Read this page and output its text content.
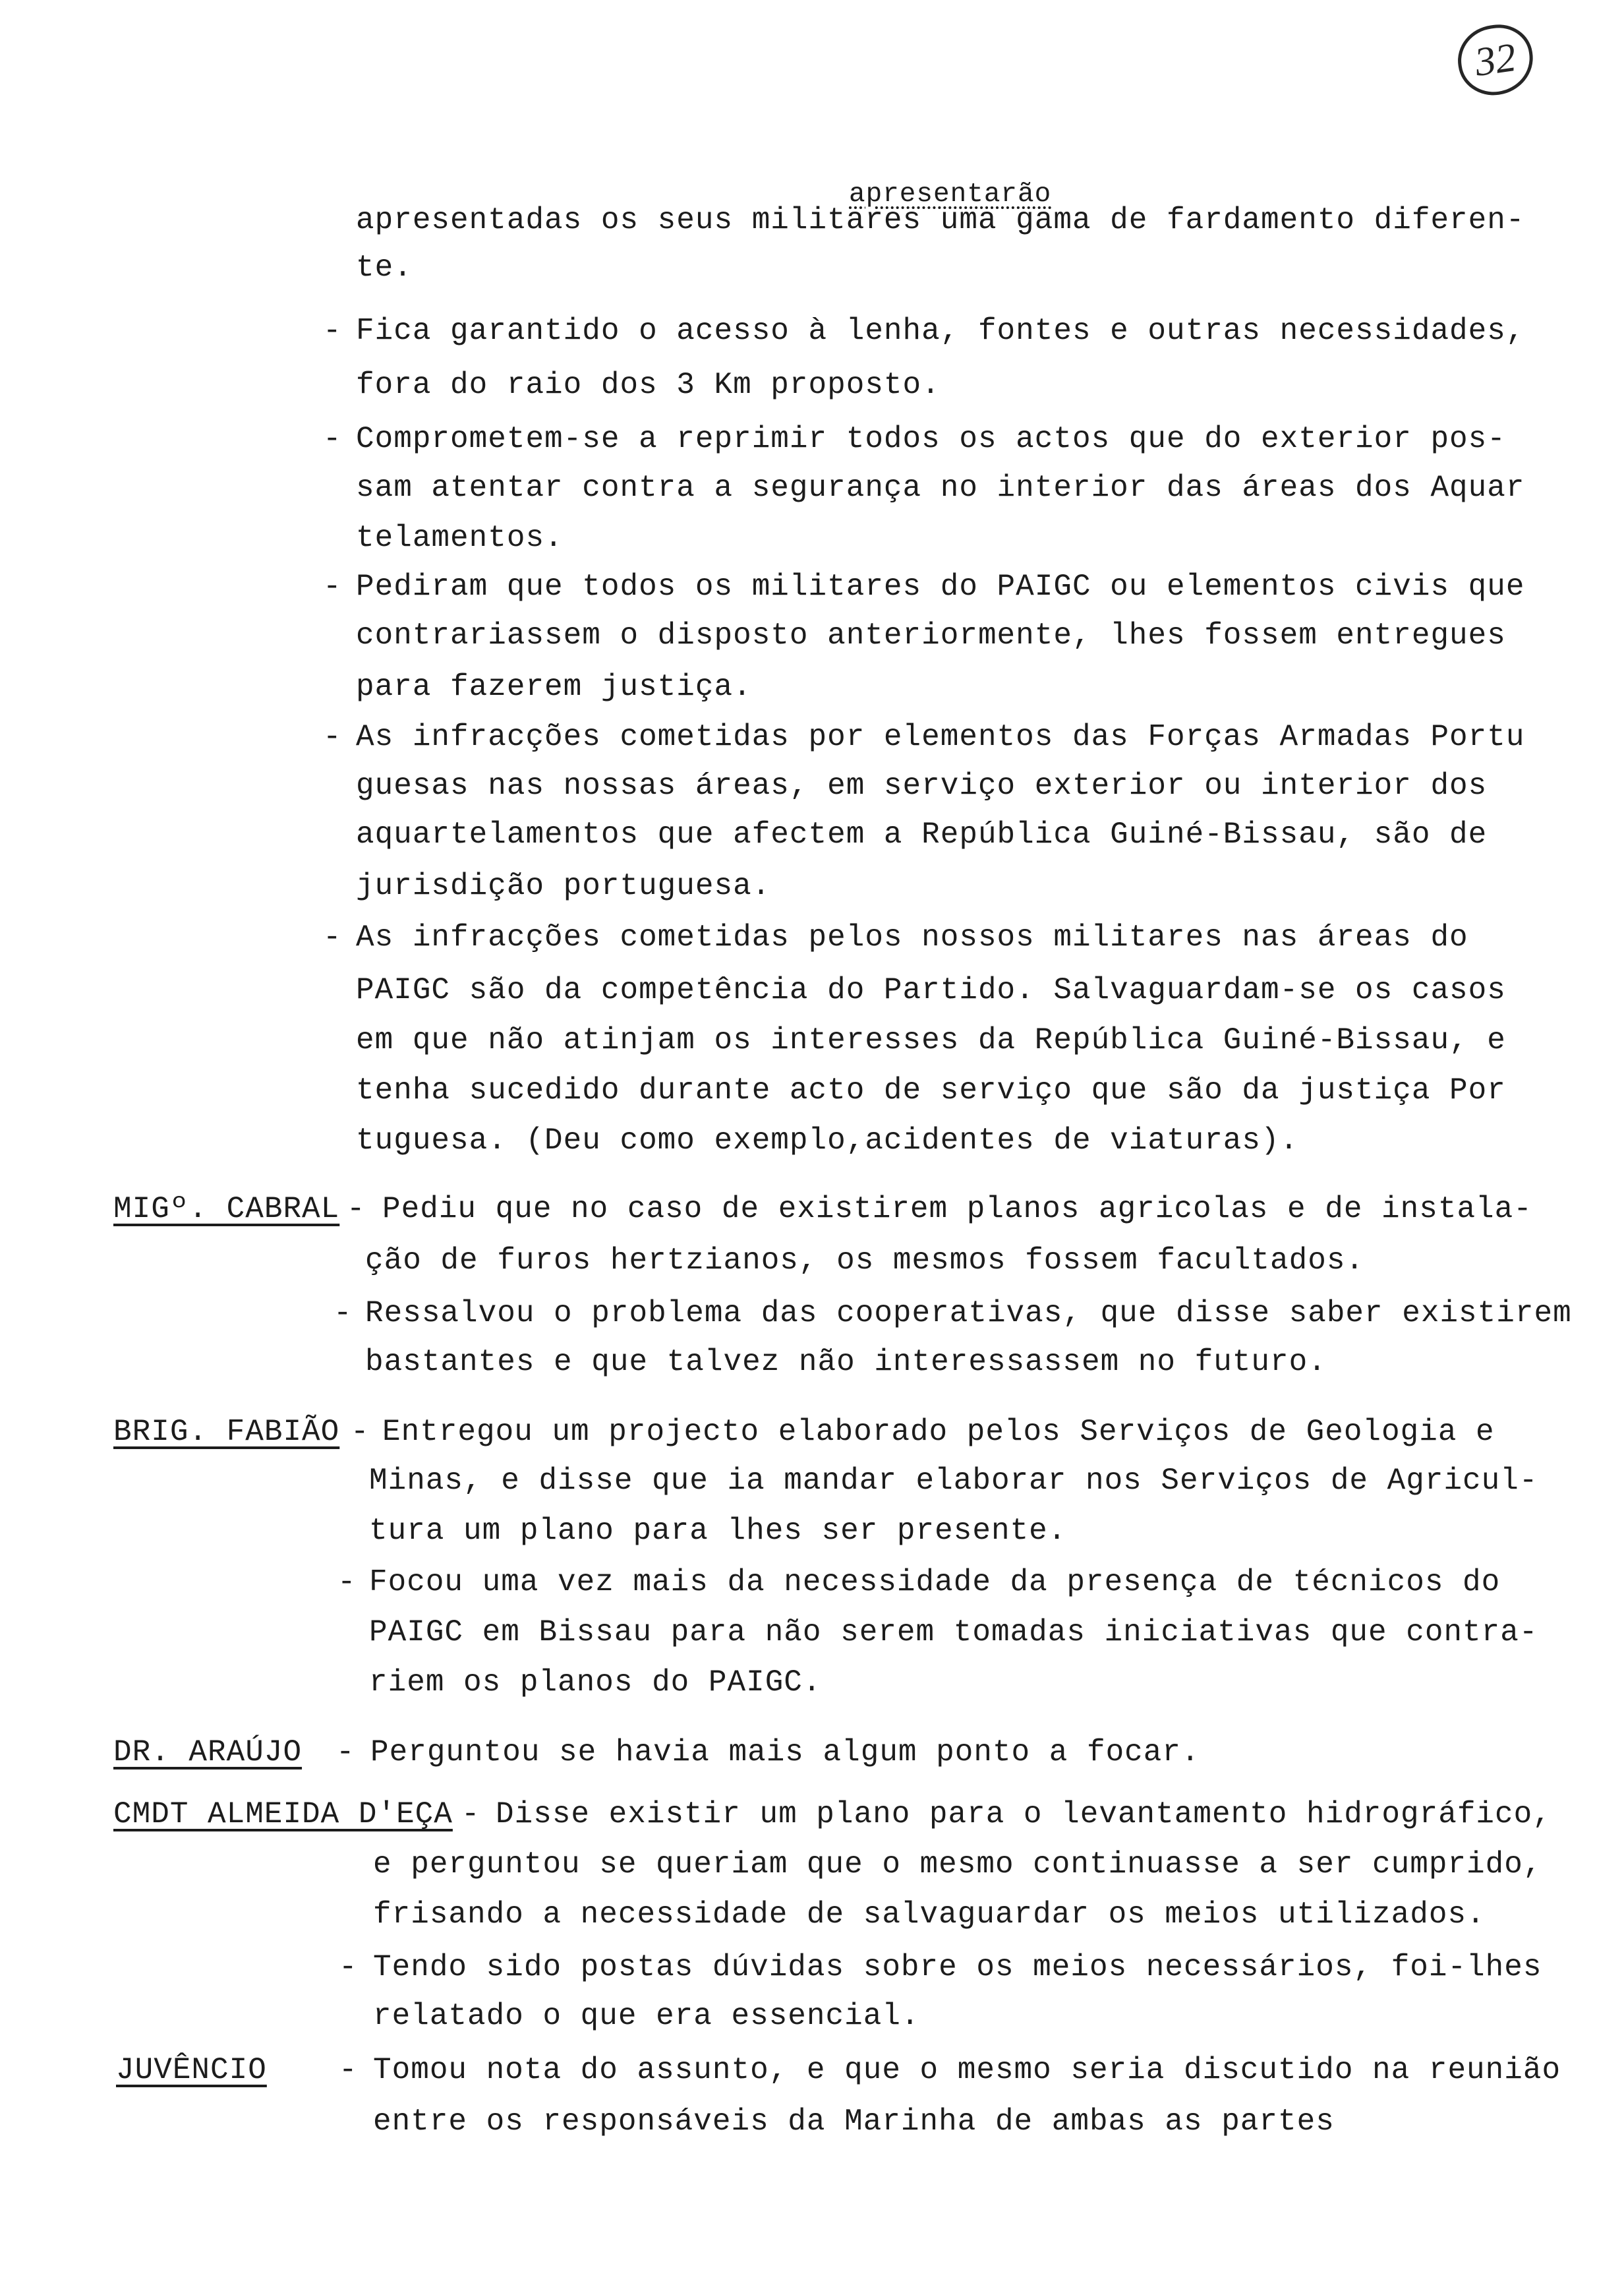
32
apresentarão
apresentadas os seus militares uma gama de fardamento diferen-
te.
- Fica garantido o acesso à lenha, fontes e outras necessidades,
fora do raio dos 3 Km proposto.
- Comprometem-se a reprimir todos os actos que do exterior pos-
sam atentar contra a segurança no interior das áreas dos Aquar
telamentos.
- Pediram que todos os militares do PAIGC ou elementos civis que
contrariassem o disposto anteriormente, lhes fossem entregues
para fazerem justiça.
- As infracções cometidas por elementos das Forças Armadas Portu
guesas nas nossas áreas, em serviço exterior ou interior dos
aquartelamentos que afectem a República Guiné-Bissau, são de
jurisdição portuguesa.
- As infracções cometidas pelos nossos militares nas áreas do
PAIGC são da competência do Partido. Salvaguardam-se os casos
em que não atinjam os interesses da República Guiné-Bissau, e
tenha sucedido durante acto de serviço que são da justiça Por
tuguesa. (Deu como exemplo,acidentes de viaturas).
MIGº. CABRAL - Pediu que no caso de existirem planos agricolas e de instala-
ção de furos hertzianos, os mesmos fossem facultados.
- Ressalvou o problema das cooperativas, que disse saber existirem
bastantes e que talvez não interessassem no futuro.
BRIG. FABIÃO - Entregou um projecto elaborado pelos Serviços de Geologia e
Minas, e disse que ia mandar elaborar nos Serviços de Agricul-
tura um plano para lhes ser presente.
- Focou uma vez mais da necessidade da presença de técnicos do
PAIGC em Bissau para não serem tomadas iniciativas que contra-
riem os planos do PAIGC.
DR. ARAÚJO - Perguntou se havia mais algum ponto a focar.
CMDT ALMEIDA D'EÇA - Disse existir um plano para o levantamento hidrográfico,
e perguntou se queriam que o mesmo continuasse a ser cumprido,
frisando a necessidade de salvaguardar os meios utilizados.
- Tendo sido postas dúvidas sobre os meios necessários, foi-lhes
relatado o que era essencial.
JUVÊNCIO - Tomou nota do assunto, e que o mesmo seria discutido na reunião
entre os responsáveis da Marinha de ambas as partes
